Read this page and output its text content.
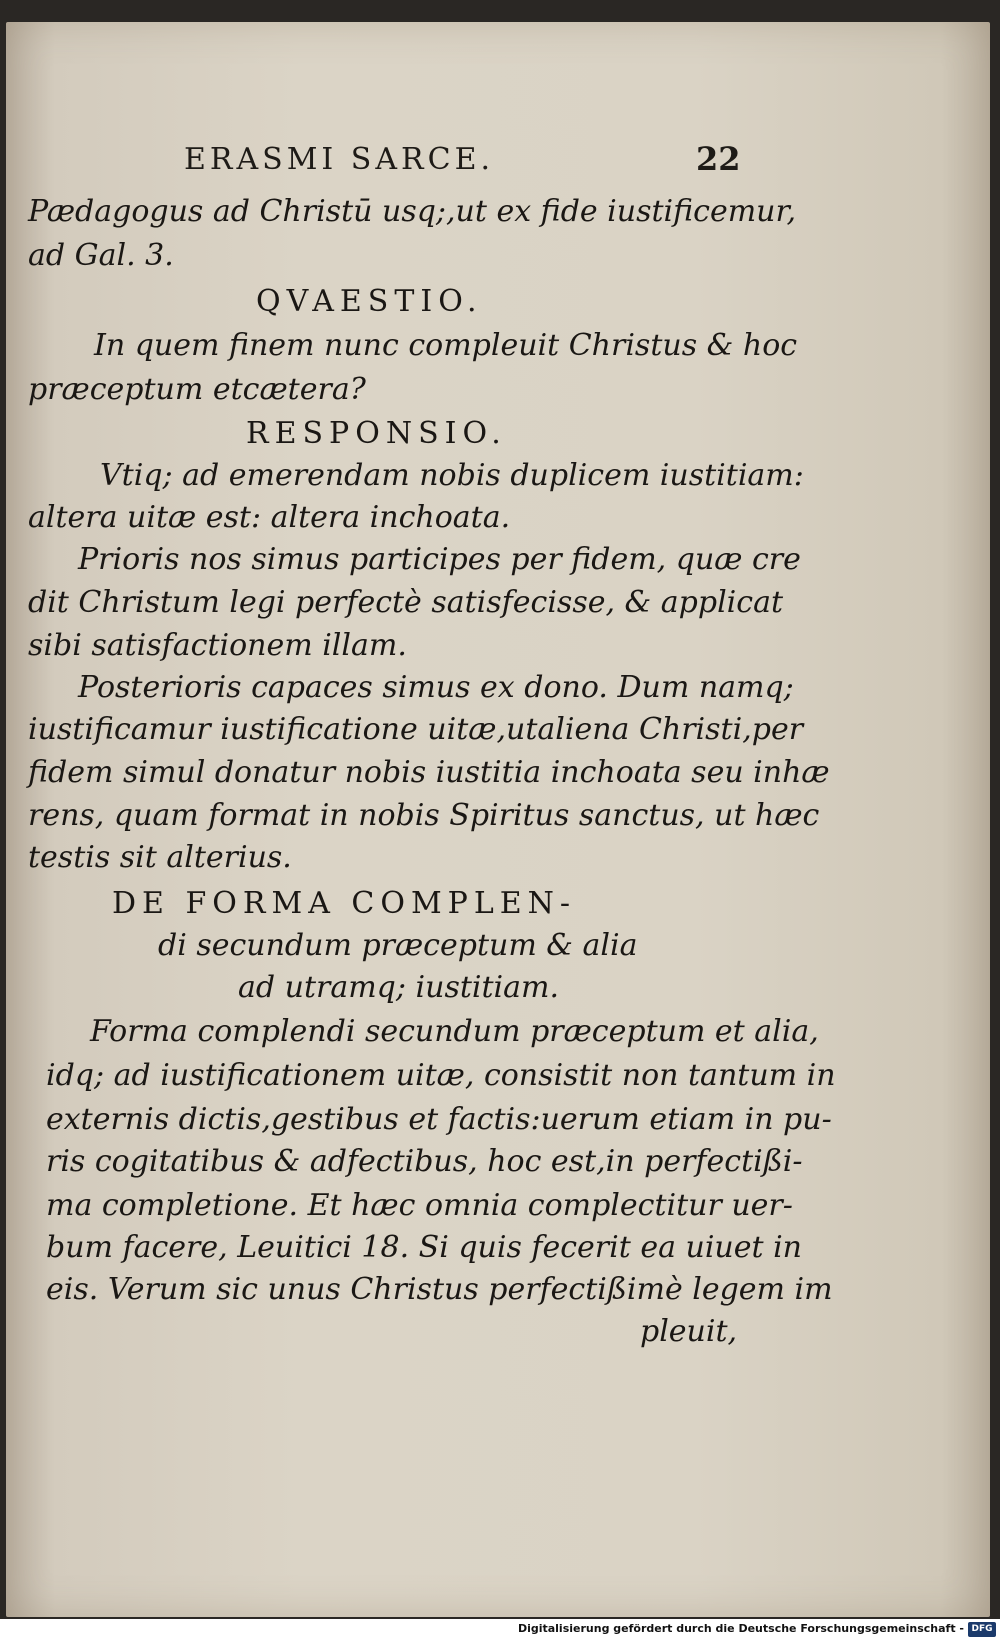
ERASMI SARCE.	22
Pædagogus ad Christū usq;,ut ex fide iustificemur,
ad Gal. 3.
QVAESTIO.
In quem finem nunc compleuit Christus & hoc
præceptum etcætera?
RESPONSIO.
Vtiq; ad emerendam nobis duplicem iustitiam:
altera uitæ est: altera inchoata.
Prioris nos simus participes per fidem, quæ cre
dit Christum legi perfectè satisfecisse, & applicat
sibi satisfactionem illam.
Posterioris capaces simus ex dono. Dum namq;
iustificamur iustificatione uitæ,utaliena Christi,per
fidem simul donatur nobis iustitia inchoata seu inhæ
rens, quam format in nobis Spiritus sanctus, ut hæc
testis sit alterius.
DE FORMA COMPLEN-
di secundum præceptum & alia
ad utramq; iustitiam.
Forma complendi secundum præceptum et alia,
idq; ad iustificationem uitæ, consistit non tantum in
externis dictis,gestibus et factis:uerum etiam in pu-
ris cogitatibus & adfectibus, hoc est,in perfectißi-
ma completione. Et hæc omnia complectitur uer-
bum facere, Leuitici 18. Si quis fecerit ea uiuet in
eis. Verum sic unus Christus perfectißimè legem im
pleuit,
Digitalisierung gefördert durch die Deutsche Forschungsgemeinschaft - DFG
